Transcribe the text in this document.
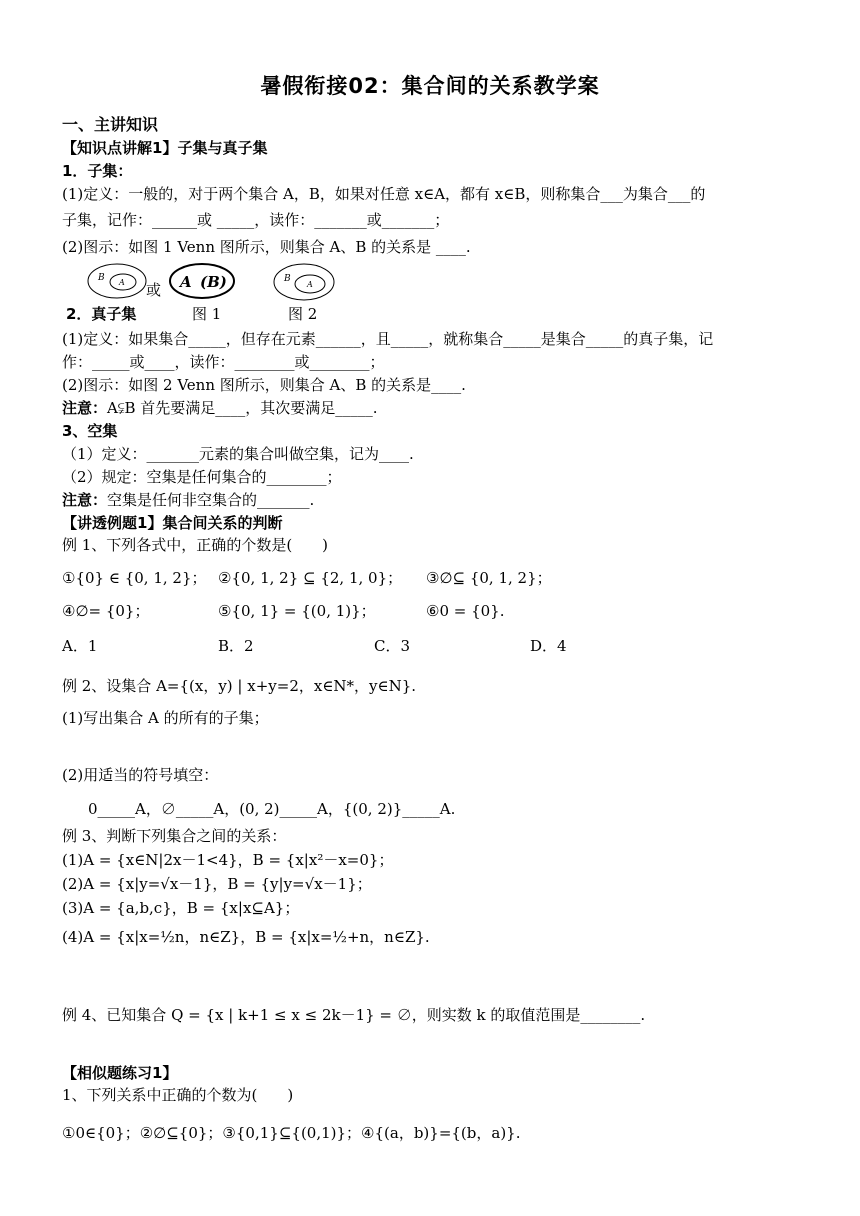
暑假衔接02：集合间的关系教学案
一、主讲知识
【知识点讲解1】子集与真子集
1．子集：
(1)定义：一般的，对于两个集合 A，B，如果对任意 x∈A，都有 x∈B，则称集合___为集合___的
子集，记作：______或 _____，读作：_______或_______；
(2)图示：如图 1 Venn 图所示，则集合 A、B 的关系是 ____.
B A 或 A (B)	B
A
2．真子集	图 1	图 2
(1)定义：如果集合_____，但存在元素______，且_____，就称集合_____是集合_____的真子集，记
作：_____或____，读作：________或________；
(2)图示：如图 2 Venn 图所示，则集合 A、B 的关系是____.
注意：A⫋B 首先要满足____，其次要满足_____.
3、空集
（1）定义：_______元素的集合叫做空集，记为____.
（2）规定：空集是任何集合的________；
注意：空集是任何非空集合的_______.
【讲透例题1】集合间关系的判断
例 1、下列各式中，正确的个数是(　　)
①{0} ∈ {0, 1, 2}； ②{0, 1, 2} ⊆ {2, 1, 0}； ③∅⊆ {0, 1, 2}；
④∅= {0}；	⑤{0, 1} = {(0, 1)}；	⑥0 = {0}.
A．1	B．2	C．3	D．4
例 2、设集合 A={(x，y) | x+y=2，x∈N*，y∈N}.
(1)写出集合 A 的所有的子集；
(2)用适当的符号填空：
0_____A，∅_____A，(0, 2)_____A，{(0, 2)}_____A.
例 3、判断下列集合之间的关系：
(1)A = {x∈N|2x－1<4}，B = {x|x²－x=0}；
(2)A = {x|y=√x－1}，B = {y|y=√x－1}；
(3)A = {a,b,c}，B = {x|x⊆A}；
(4)A = {x|x=½n，n∈Z}，B = {x|x=½+n，n∈Z}.
例 4、已知集合 Q = {x | k+1 ≤ x ≤ 2k－1} = ∅，则实数 k 的取值范围是________.
【相似题练习1】
1、下列关系中正确的个数为(　　)
①0∈{0}；②∅⊆{0}；③{0,1}⊆{(0,1)}；④{(a，b)}={(b，a)}.
